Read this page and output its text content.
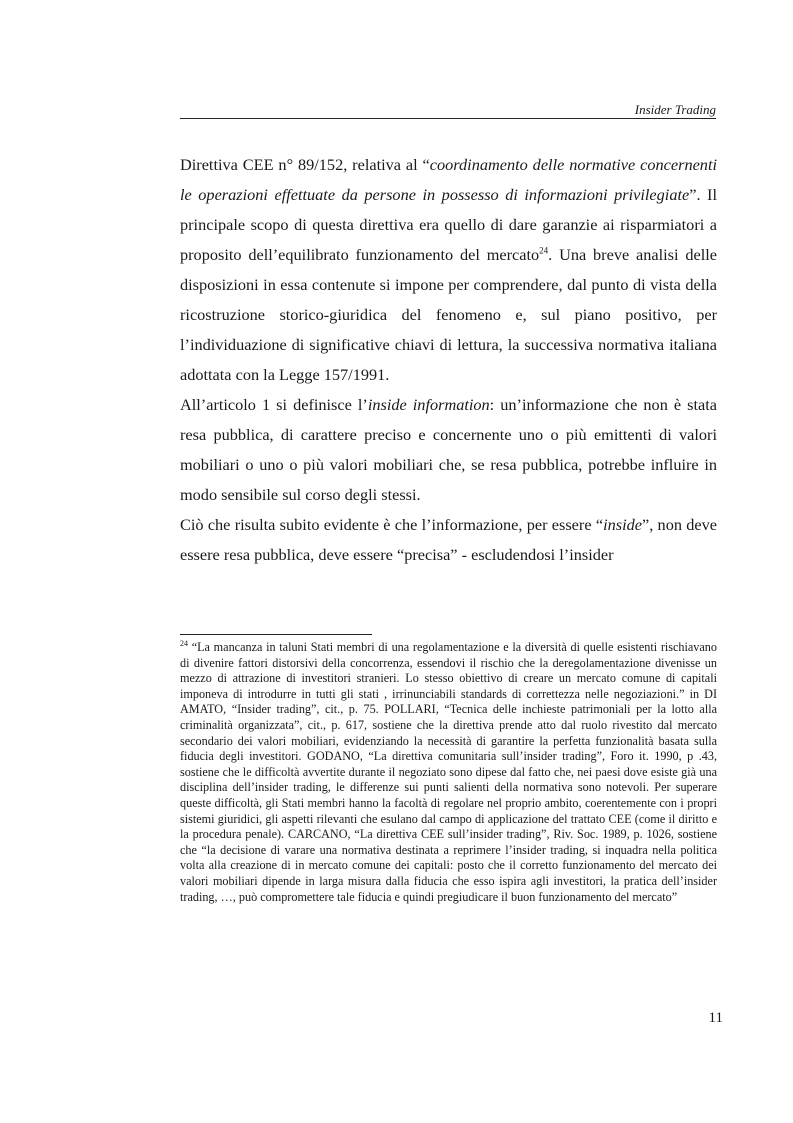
Insider Trading

Direttiva CEE n° 89/152, relativa al “coordinamento delle normative concernenti le operazioni effettuate da persone in possesso di informazioni privilegiate”. Il principale scopo di questa direttiva era quello di dare garanzie ai risparmiatori a proposito dell’equilibrato funzionamento del mercato$^{24}$. Una breve analisi delle disposizioni in essa contenute si impone per comprendere, dal punto di vista della ricostruzione storico-giuridica del fenomeno e, sul piano positivo, per l’individuazione di significative chiavi di lettura, la successiva normativa italiana adottata con la Legge 157/1991.

All’articolo 1 si definisce l’inside information: un’informazione che non è stata resa pubblica, di carattere preciso e concernente uno o più emittenti di valori mobiliari o uno o più valori mobiliari che, se resa pubblica, potrebbe influire in modo sensibile sul corso degli stessi.

Ciò che risulta subito evidente è che l’informazione, per essere “inside”, non deve essere resa pubblica, deve essere “precisa” - escludendosi l’insider

$^{24}$ “La mancanza in taluni Stati membri di una regolamentazione e la diversità di quelle esistenti rischiavano di divenire fattori distorsivi della concorrenza, essendovi il rischio che la deregolamentazione divenisse un mezzo di attrazione di investitori stranieri. Lo stesso obiettivo di creare un mercato comune di capitali imponeva di introdurre in tutti gli stati , irrinunciabili standards di correttezza nelle negoziazioni.” in DI AMATO, “Insider trading”, cit., p. 75. POLLARI, “Tecnica delle inchieste patrimoniali per la lotto alla criminalità organizzata”, cit., p. 617, sostiene che la direttiva prende atto dal ruolo rivestito dal mercato secondario dei valori mobiliari, evidenziando la necessità di garantire la perfetta funzionalità basata sulla fiducia degli investitori. GODANO, “La direttiva comunitaria sull’insider trading”, Foro it. 1990, p .43, sostiene che le difficoltà avvertite durante il negoziato sono dipese dal fatto che, nei paesi dove esiste già una disciplina dell’insider trading, le differenze sui punti salienti della normativa sono notevoli. Per superare queste difficoltà, gli Stati membri hanno la facoltà di regolare nel proprio ambito, coerentemente con i propri sistemi giuridici, gli aspetti rilevanti che esulano dal campo di applicazione del trattato CEE (come il diritto e la procedura penale). CARCANO, “La direttiva CEE sull’insider trading”, Riv. Soc. 1989, p. 1026, sostiene che “la decisione di varare una normativa destinata a reprimere l’insider trading, si inquadra nella politica volta alla creazione di in mercato comune dei capitali: posto che il corretto funzionamento del mercato dei valori mobiliari dipende in larga misura dalla fiducia che esso ispira agli investitori, la pratica dell’insider trading, …, può compromettere tale fiducia e quindi pregiudicare il buon funzionamento del mercato”
11
